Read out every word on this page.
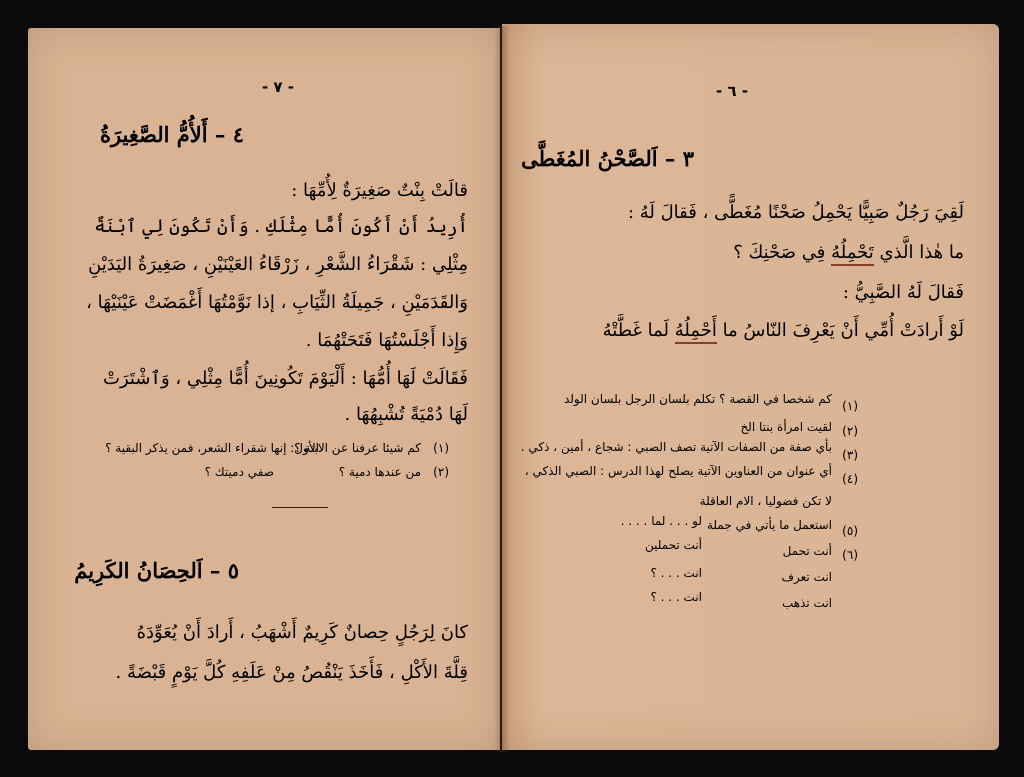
- ٧ -
٤ – أَلأُمُّ الصَّغِيرَةُ
قالَتْ بِنْتٌ صَغِيرَةٌ لِأُمِّهَا :
أُرِيدُ أَنْ أَكُونَ أُمًّا مِثْلَكِ . وَأَنْ تَكُونَ لِي ٱبْنَةٌ
مِثْلِي : شَقْرَاءُ الشَّعْرِ ، زَرْقَاءُ العَيْنَيْنِ ، صَغِيرَةُ اليَدَيْنِ
وَالقَدَمَيْنِ ، جَمِيلَةُ الثِّيَابِ ، إذا نَوَّمْتُهَا أَغْمَضَتْ عَيْنَيْهَا ،
وَإِذا أَجْلَسْتُهَا فَتَحَتْهُمَا .
فَقَالَتْ لَهَا أُمُّهَا : أَلْيَوْمَ تَكُونِينَ أُمًّا مِثْلِي ، وَٱشْتَرَتْ
لَهَا دُمْيَةً تُشْبِهُهَا .
(١)
كم شيئا عرفنا عن الابنة ؟
الأول: إنها شقراء الشعر، فمن يذكر البقية ؟
(٢)
من عندها دمية ؟
صفي دميتك ؟
٥ – اَلحِصَانُ الكَرِيمُ
كانَ لِرَجُلٍ حِصانٌ كَرِيمٌ أَشْهَبُ ، أَرادَ أَنْ يُعَوِّدَهُ
قِلَّةَ الأَكْلِ ، فَأَخَذَ يَنْقُصُ مِنْ عَلَفِهِ كُلَّ يَوْمٍ قَبْضَةً .
- ٦ -
٣ – اَلصَّحْنُ المُغَطَّى
لَقِيَ رَجُلٌ صَبِيًّا يَحْمِلُ صَحْنًا مُغَطًّى ، فَقالَ لَهُ :
ما هٰذا الَّذي تَحْمِلُهُ فِي صَحْنِكَ ؟
فَقالَ لَهُ الصَّبِيُّ :
لَوْ أَرادَتْ أُمِّي أَنْ يَعْرِفَ النّاسُ ما أَحْمِلُهُ لَما غَطَّتْهُ
(١)
كم شخصا في القصة ؟ تكلم بلسان الرجل بلسان الولد
(٢)
لقيت امرأة بنتا الخ
(٣)
بأي صفة من الصفات الآتية تصف الصبي : شجاع ، أمين ، ذكي .
(٤)
أي عنوان من العناوين الآتية يصلح لهذا الدرس : الصبي الذكي ،
لا تكن فضوليا ، الام العاقلة
(٥)
استعمل ما يأتي في جملة
لو . . . لما . . . .
(٦)
أنت تحمل
أنت تحملين
انت تعرف
انت . . . ؟
انت تذهب
انت . . . ؟
